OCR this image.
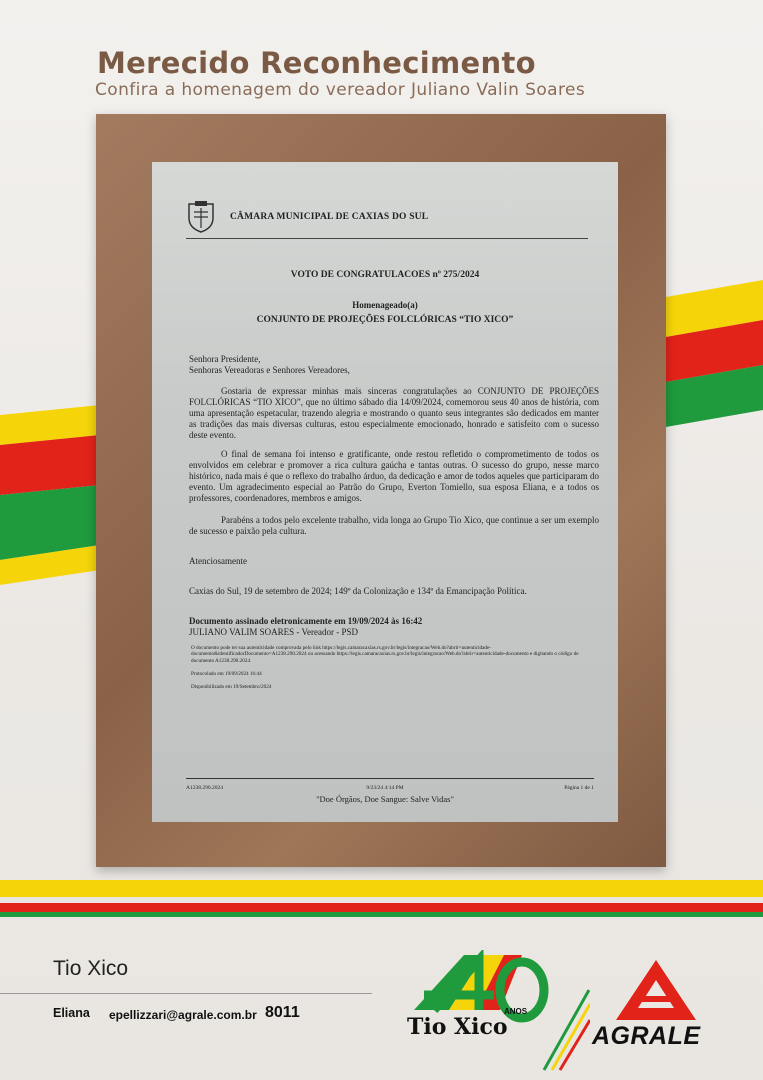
Merecido Reconhecimento
Confira a homenagem do vereador Juliano Valin Soares
CÂMARA MUNICIPAL DE CAXIAS DO SUL
VOTO DE CONGRATULACOES nº 275/2024
Homenageado(a)
CONJUNTO DE PROJEÇÕES FOLCLÓRICAS “TIO XICO”
Senhora Presidente,
Senhoras Vereadoras e Senhores Vereadores,
Gostaria de expressar minhas mais sinceras congratulações ao CONJUNTO DE PROJEÇÕES FOLCLÓRICAS “TIO XICO”, que no último sábado dia 14/09/2024, comemorou seus 40 anos de história, com uma apresentação espetacular, trazendo alegria e mostrando o quanto seus integrantes são dedicados em manter as tradições das mais diversas culturas, estou especialmente emocionado, honrado e satisfeito com o sucesso deste evento.
O final de semana foi intenso e gratificante, onde restou refletido o comprometimento de todos os envolvidos em celebrar e promover a rica cultura gaúcha e tantas outras. O sucesso do grupo, nesse marco histórico, nada mais é que o reflexo do trabalho árduo, da dedicação e amor de todos aqueles que participaram do evento. Um agradecimento especial ao Patrão do Grupo, Everton Tomiello, sua esposa Eliana, e a todos os professores, coordenadores, membros e amigos.
Parabéns a todos pelo excelente trabalho, vida longa ao Grupo Tio Xico, que continue a ser um exemplo de sucesso e paixão pela cultura.
Atenciosamente
Caxias do Sul, 19 de setembro de 2024; 149º da Colonização e 134º da Emancipação Política.
Documento assinado eletronicamente em 19/09/2024 às 16:42
JULIANO VALIM SOARES - Vereador - PSD
O documento pode ter sua autenticidade comprovada pelo link https://legis.camaracaxias.rs.gov.br/legis/integracao/Web.do?abrir=autenticidade-documento&identificadorDocumento=A1238.290.2024 ou acessando https://legis.camaracaxias.rs.gov.br/legis/integracao/Web.do?abrir=autenticidade-documento e digitando o código de documento A1238.290.2024.
Protocolado em 19/09/2024 16:44
Disponibilizado em 19/Setembro/2024
A1238.290.2024	9/23/24 4:14 PM	Página 1 de 1
"Doe Órgãos, Doe Sangue: Salve Vidas"
Tio Xico
Eliana epellizzari@agrale.com.br 8011	ANOS
Tio Xico	AGRALE
